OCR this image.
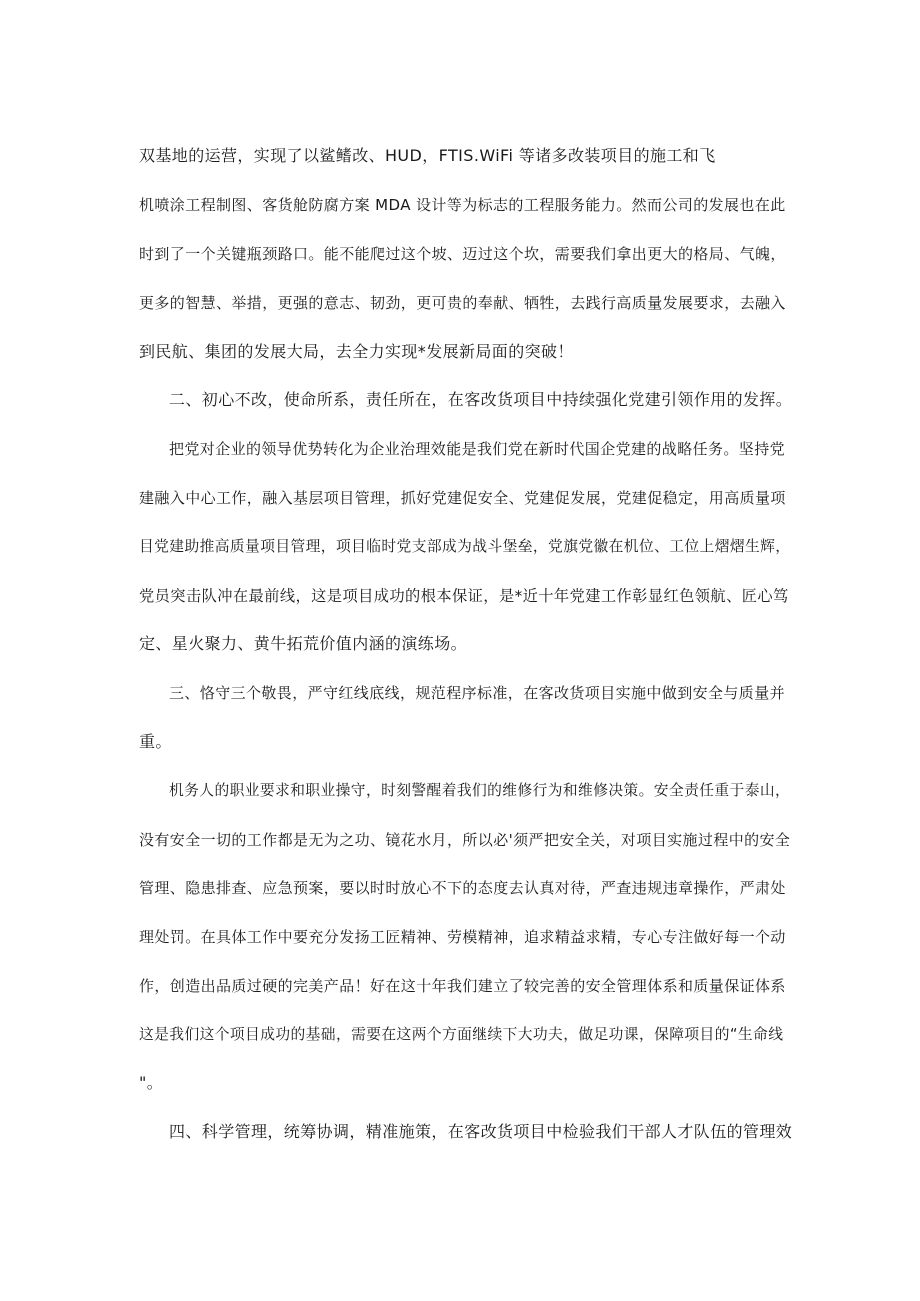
双基地的运营，实现了以鲨鳍改、HUD，FTIS.WiFi 等诸多改装项目的施工和飞
机喷涂工程制图、客货舱防腐方案 MDA 设计等为标志的工程服务能力。然而公司的发展也在此
时到了一个关键瓶颈路口。能不能爬过这个坡、迈过这个坎，需要我们拿出更大的格局、气魄，
更多的智慧、举措，更强的意志、韧劲，更可贵的奉献、牺牲，去践行高质量发展要求，去融入
到民航、集团的发展大局，去全力实现*发展新局面的突破！
二、初心不改，使命所系，责任所在，在客改货项目中持续强化党建引领作用的发挥。
把党对企业的领导优势转化为企业治理效能是我们党在新时代国企党建的战略任务。坚持党
建融入中心工作，融入基层项目管理，抓好党建促安全、党建促发展，党建促稳定，用高质量项
目党建助推高质量项目管理，项目临时党支部成为战斗堡垒，党旗党徽在机位、工位上熠熠生辉，
党员突击队冲在最前线，这是项目成功的根本保证，是*近十年党建工作彰显红色领航、匠心笃
定、星火聚力、黄牛拓荒价值内涵的演练场。
三、恪守三个敬畏，严守红线底线，规范程序标准，在客改货项目实施中做到安全与质量并
重。
机务人的职业要求和职业操守，时刻警醒着我们的维修行为和维修决策。安全责任重于泰山，
没有安全一切的工作都是无为之功、镜花水月，所以必'须严把安全关，对项目实施过程中的安全
管理、隐患排查、应急预案，要以时时放心不下的态度去认真对待，严查违规违章操作，严肃处
理处罚。在具体工作中要充分发扬工匠精神、劳模精神，追求精益求精，专心专注做好每一个动
作，创造出品质过硬的完美产品！好在这十年我们建立了较完善的安全管理体系和质量保证体系
这是我们这个项目成功的基础，需要在这两个方面继续下大功夫，做足功课，保障项目的“生命线
"。
四、科学管理，统筹协调，精准施策，在客改货项目中检验我们干部人才队伍的管理效
